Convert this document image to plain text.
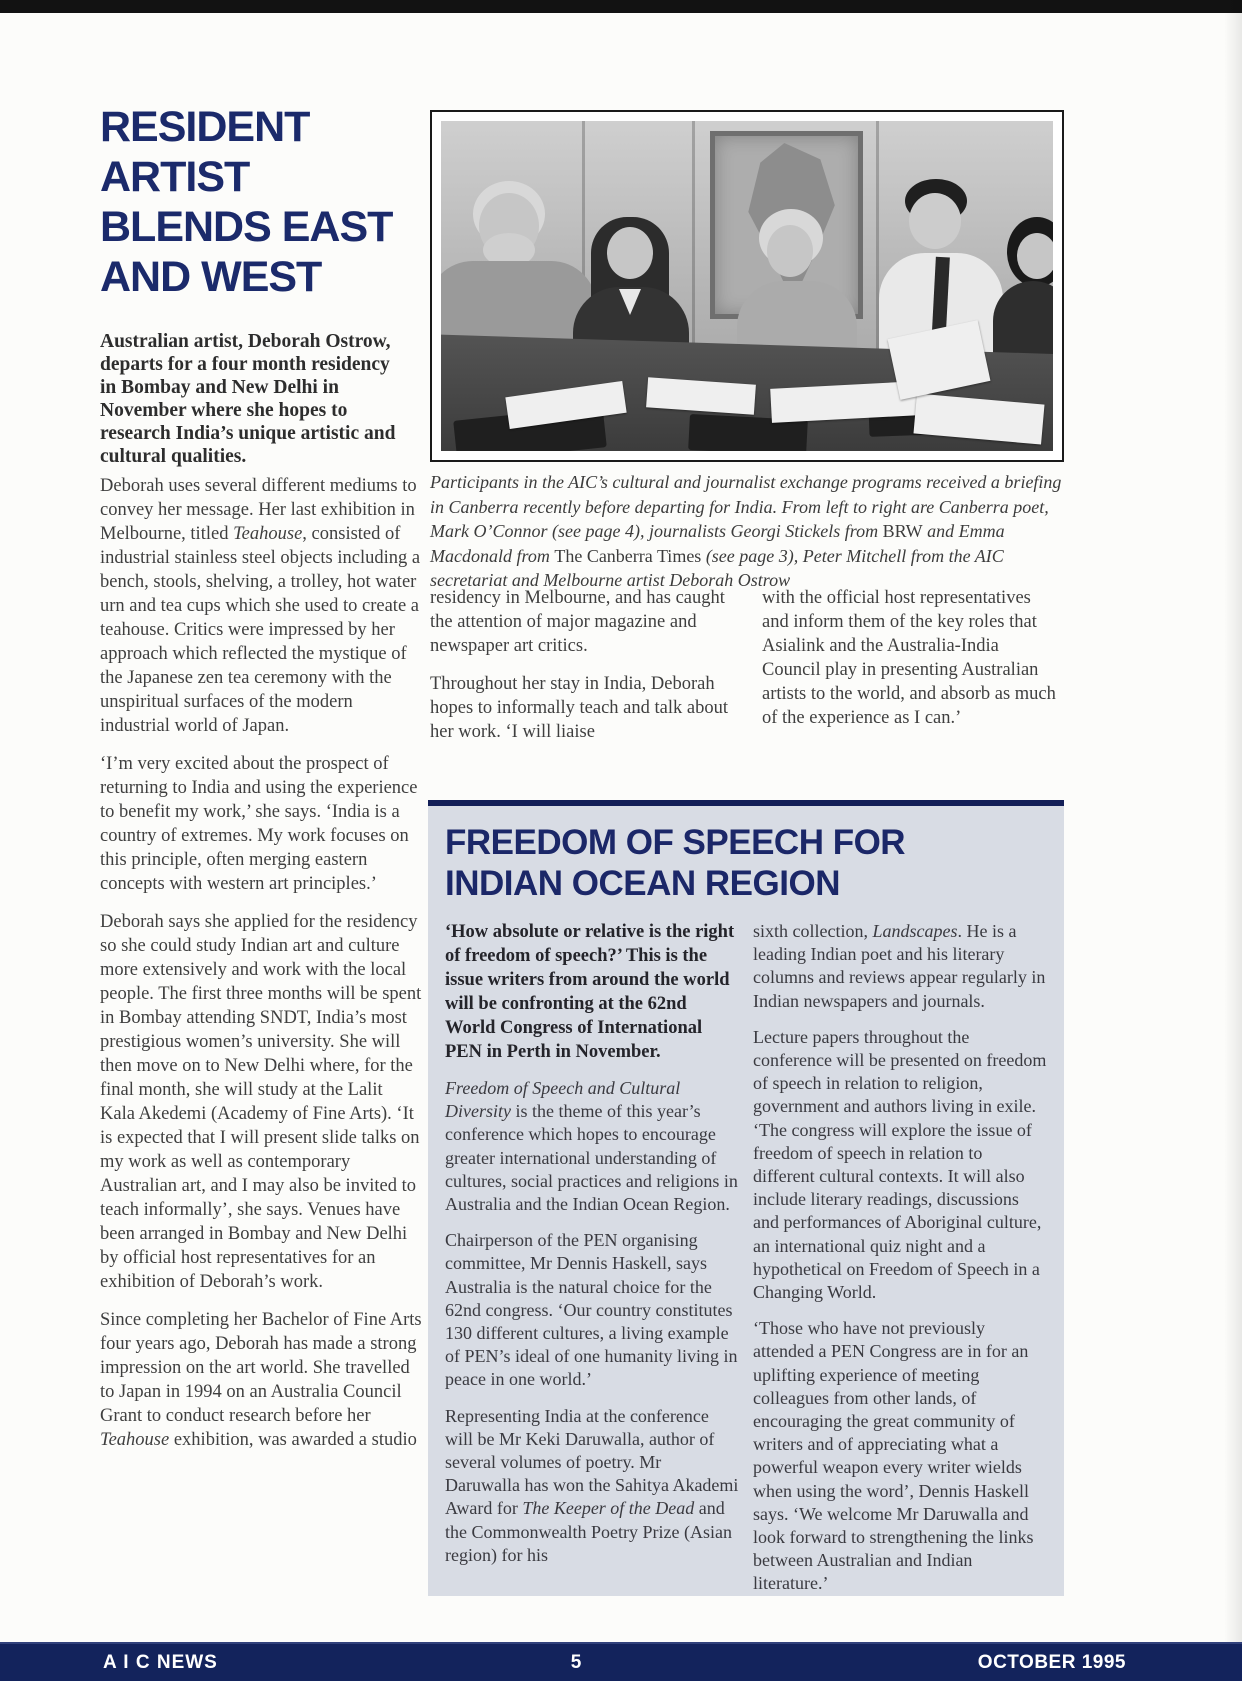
RESIDENT
ARTIST
BLENDS EAST
AND WEST
Australian artist, Deborah Ostrow, departs for a four month residency in Bombay and New Delhi in November where she hopes to research India’s unique artistic and cultural qualities.
Participants in the AIC’s cultural and journalist exchange programs received a briefing in Canberra recently before departing for India. From left to right are Canberra poet, Mark O’Connor (see page 4), journalists Georgi Stickels from BRW and Emma Macdonald from The Canberra Times (see page 3), Peter Mitchell from the AIC secretariat and Melbourne artist Deborah Ostrow

Deborah uses several different mediums to convey her message. Her last exhibition in Melbourne, titled Teahouse, consisted of industrial stainless steel objects including a bench, stools, shelving, a trolley, hot water urn and tea cups which she used to create a teahouse. Critics were impressed by her approach which reflected the mystique of the Japanese zen tea ceremony with the unspiritual surfaces of the modern industrial world of Japan.

‘I’m very excited about the prospect of returning to India and using the experience to benefit my work,’ she says. ‘India is a country of extremes. My work focuses on this principle, often merging eastern concepts with western art principles.’

Deborah says she applied for the residency so she could study Indian art and culture more extensively and work with the local people. The first three months will be spent in Bombay attending SNDT, India’s most prestigious women’s university. She will then move on to New Delhi where, for the final month, she will study at the Lalit Kala Akedemi (Academy of Fine Arts). ‘It is expected that I will present slide talks on my work as well as contemporary Australian art, and I may also be invited to teach informally’, she says. Venues have been arranged in Bombay and New Delhi by official host representatives for an exhibition of Deborah’s work.

Since completing her Bachelor of Fine Arts four years ago, Deborah has made a strong impression on the art world. She travelled to Japan in 1994 on an Australia Council Grant to conduct research before her Teahouse exhibition, was awarded a studio

residency in Melbourne, and has caught the attention of major magazine and newspaper art critics.

Throughout her stay in India, Deborah hopes to informally teach and talk about her work. ‘I will liaise

with the official host representatives and inform them of the key roles that Asialink and the Australia-India Council play in presenting Australian artists to the world, and absorb as much of the experience as I can.’

FREEDOM OF SPEECH FOR
INDIAN OCEAN REGION

‘How absolute or relative is the right of freedom of speech?’ This is the issue writers from around the world will be confronting at the 62nd World Congress of International PEN in Perth in November.

Freedom of Speech and Cultural Diversity is the theme of this year’s conference which hopes to encourage greater international understanding of cultures, social practices and religions in Australia and the Indian Ocean Region.

Chairperson of the PEN organising committee, Mr Dennis Haskell, says Australia is the natural choice for the 62nd congress. ‘Our country constitutes 130 different cultures, a living example of PEN’s ideal of one humanity living in peace in one world.’

Representing India at the conference will be Mr Keki Daruwalla, author of several volumes of poetry. Mr Daruwalla has won the Sahitya Akademi Award for The Keeper of the Dead and the Commonwealth Poetry Prize (Asian region) for his

sixth collection, Landscapes. He is a leading Indian poet and his literary columns and reviews appear regularly in Indian newspapers and journals.

Lecture papers throughout the conference will be presented on freedom of speech in relation to religion, government and authors living in exile. ‘The congress will explore the issue of freedom of speech in relation to different cultural contexts. It will also include literary readings, discussions and performances of Aboriginal culture, an international quiz night and a hypothetical on Freedom of Speech in a Changing World.

‘Those who have not previously attended a PEN Congress are in for an uplifting experience of meeting colleagues from other lands, of encouraging the great community of writers and of appreciating what a powerful weapon every writer wields when using the word’, Dennis Haskell says. ‘We welcome Mr Daruwalla and look forward to strengthening the links between Australian and Indian literature.’

A I C NEWS	5	OCTOBER 1995
